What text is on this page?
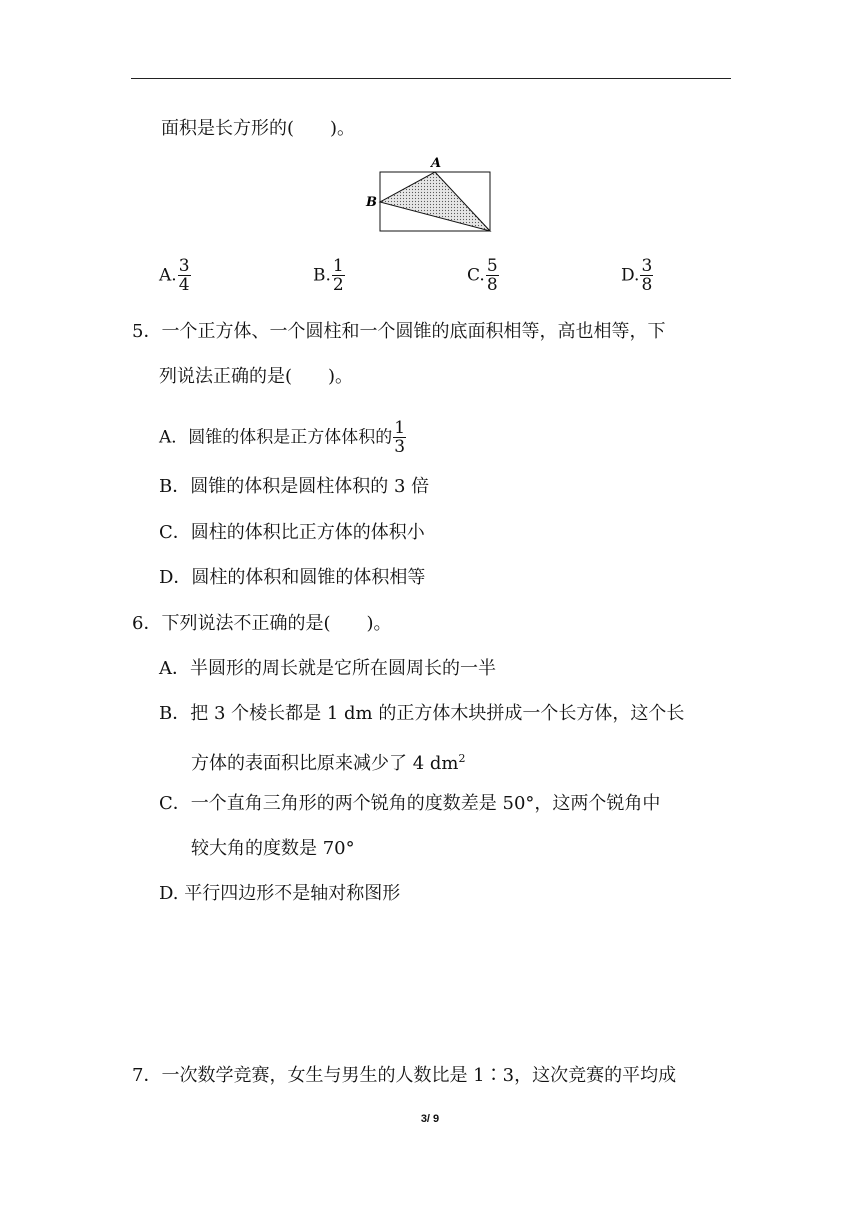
面积是长方形的(　　)。
A
B
A. $\frac{3}{4}$	B. $\frac{1}{2}$	C. $\frac{5}{8}$	D. $\frac{3}{8}$
5．一个正方体、一个圆柱和一个圆锥的底面积相等，高也相等，下
列说法正确的是(　　)。
A．圆锥的体积是正方体体积的 $\frac{1}{3}$
B．圆锥的体积是圆柱体积的 3 倍
C．圆柱的体积比正方体的体积小
D．圆柱的体积和圆锥的体积相等
6．下列说法不正确的是(　　)。
A．半圆形的周长就是它所在圆周长的一半
B．把 3 个棱长都是 1 dm 的正方体木块拼成一个长方体，这个长
方体的表面积比原来减少了 4 $dm^2$
C．一个直角三角形的两个锐角的度数差是 50°，这两个锐角中
较大角的度数是 70°
D. 平行四边形不是轴对称图形
7．一次数学竞赛，女生与男生的人数比是 1∶3，这次竞赛的平均成
3/ 9
